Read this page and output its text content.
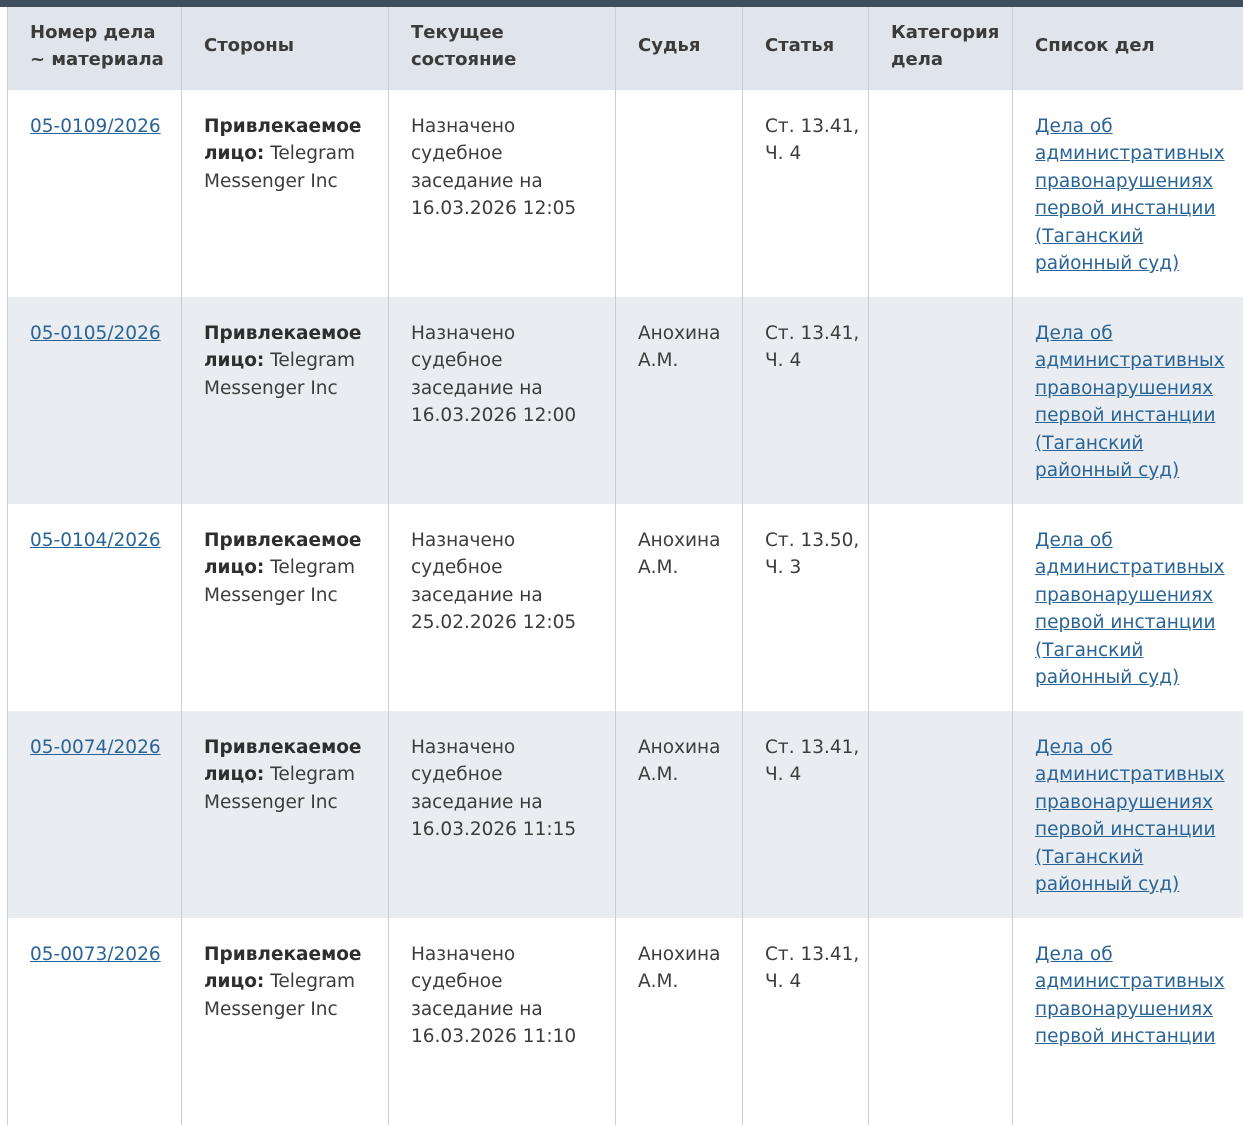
Номер дела ~ материала	Стороны	Текущее состояние	Судья	Статья	Категория дела	Список дел
05-0109/2026	Привлекаемое лицо: Telegram Messenger Inc	Назначено судебное заседание на 16.03.2026 12:05		Ст. 13.41, Ч. 4		Дела об административных правонарушениях первой инстанции (Таганский районный суд)
05-0105/2026	Привлекаемое лицо: Telegram Messenger Inc	Назначено судебное заседание на 16.03.2026 12:00	Анохина А.М.	Ст. 13.41, Ч. 4		Дела об административных правонарушениях первой инстанции (Таганский районный суд)
05-0104/2026	Привлекаемое лицо: Telegram Messenger Inc	Назначено судебное заседание на 25.02.2026 12:05	Анохина А.М.	Ст. 13.50, Ч. 3		Дела об административных правонарушениях первой инстанции (Таганский районный суд)
05-0074/2026	Привлекаемое лицо: Telegram Messenger Inc	Назначено судебное заседание на 16.03.2026 11:15	Анохина А.М.	Ст. 13.41, Ч. 4		Дела об административных правонарушениях первой инстанции (Таганский районный суд)
05-0073/2026	Привлекаемое лицо: Telegram Messenger Inc	Назначено судебное заседание на 16.03.2026 11:10	Анохина А.М.	Ст. 13.41, Ч. 4		Дела об административных правонарушениях первой инстанции
